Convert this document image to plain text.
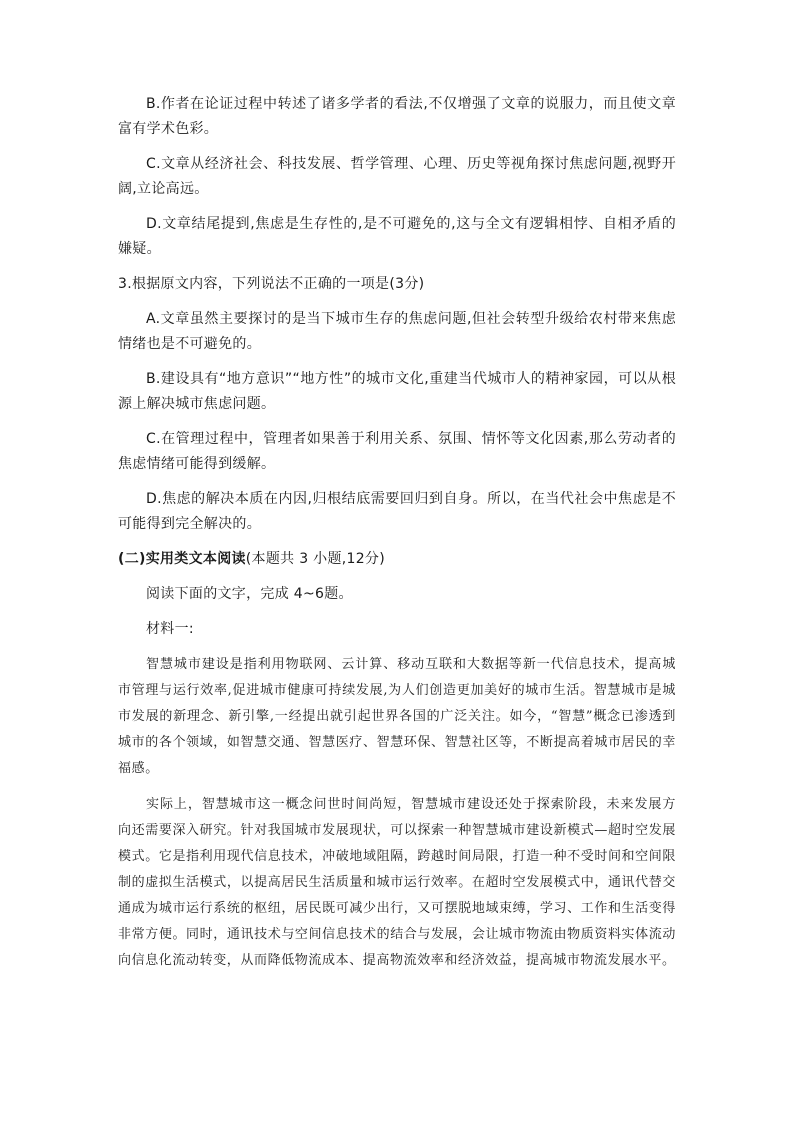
B.作者在论证过程中转述了诸多学者的看法,不仅增强了文章的说服力，而且使文章富有学术色彩。

C.文章从经济社会、科技发展、哲学管理、心理、历史等视角探讨焦虑问题,视野开阔,立论高远。

D.文章结尾提到,焦虑是生存性的,是不可避免的,这与全文有逻辑相悖、自相矛盾的嫌疑。

3.根据原文内容，下列说法不正确的一项是(3分)

A.文章虽然主要探讨的是当下城市生存的焦虑问题,但社会转型升级给农村带来焦虑情绪也是不可避免的。

B.建设具有“地方意识”“地方性”的城市文化,重建当代城市人的精神家园，可以从根源上解决城市焦虑问题。

C.在管理过程中，管理者如果善于利用关系、氛围、情怀等文化因素,那么劳动者的焦虑情绪可能得到缓解。

D.焦虑的解决本质在内因,归根结底需要回归到自身。所以，在当代社会中焦虑是不可能得到完全解决的。

(二)实用类文本阅读(本题共 3 小题,12分)

阅读下面的文字，完成 4~6题。

材料一:

智慧城市建设是指利用物联网、云计算、移动互联和大数据等新一代信息技术，提高城市管理与运行效率,促进城市健康可持续发展,为人们创造更加美好的城市生活。智慧城市是城市发展的新理念、新引擎,一经提出就引起世界各国的广泛关注。如今，“智慧”概念已渗透到城市的各个领域，如智慧交通、智慧医疗、智慧环保、智慧社区等，不断提高着城市居民的幸福感。

实际上，智慧城市这一概念问世时间尚短，智慧城市建设还处于探索阶段，未来发展方向还需要深入研究。针对我国城市发展现状，可以探索一种智慧城市建设新模式—超时空发展模式。它是指利用现代信息技术，冲破地域阻隔，跨越时间局限，打造一种不受时间和空间限制的虚拟生活模式，以提高居民生活质量和城市运行效率。在超时空发展模式中，通讯代替交通成为城市运行系统的枢纽，居民既可减少出行，又可摆脱地域束缚，学习、工作和生活变得非常方便。同时，通讯技术与空间信息技术的结合与发展，会让城市物流由物质资料实体流动向信息化流动转变，从而降低物流成本、提高物流效率和经济效益，提高城市物流发展水平。
